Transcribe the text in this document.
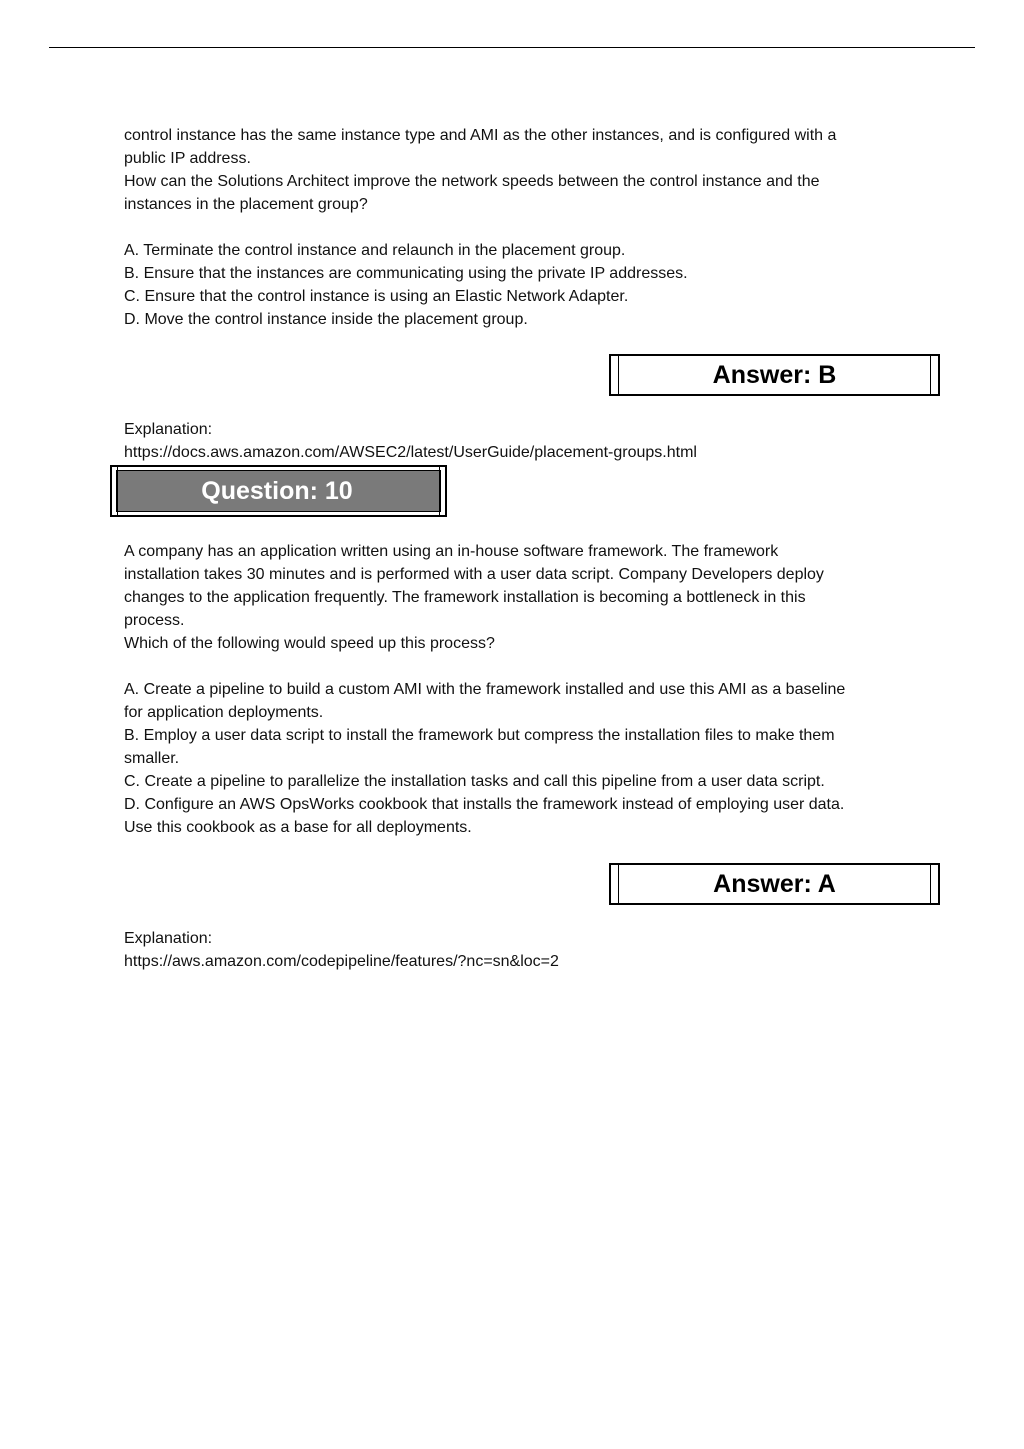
control instance has the same instance type and AMI as the other instances, and is configured with a

public IP address.

How can the Solutions Architect improve the network speeds between the control instance and the

instances in the placement group?

A. Terminate the control instance and relaunch in the placement group.

B. Ensure that the instances are communicating using the private IP addresses.

C. Ensure that the control instance is using an Elastic Network Adapter.

D. Move the control instance inside the placement group.

Answer: B

Explanation:

https://docs.aws.amazon.com/AWSEC2/latest/UserGuide/placement-groups.html

Question: 10

A company has an application written using an in-house software framework. The framework

installation takes 30 minutes and is performed with a user data script. Company Developers deploy

changes to the application frequently. The framework installation is becoming a bottleneck in this

process.

Which of the following would speed up this process?

A. Create a pipeline to build a custom AMI with the framework installed and use this AMI as a baseline

for application deployments.

B. Employ a user data script to install the framework but compress the installation files to make them

smaller.

C. Create a pipeline to parallelize the installation tasks and call this pipeline from a user data script.

D. Configure an AWS OpsWorks cookbook that installs the framework instead of employing user data.

Use this cookbook as a base for all deployments.

Answer: A

Explanation:

https://aws.amazon.com/codepipeline/features/?nc=sn&loc=2
